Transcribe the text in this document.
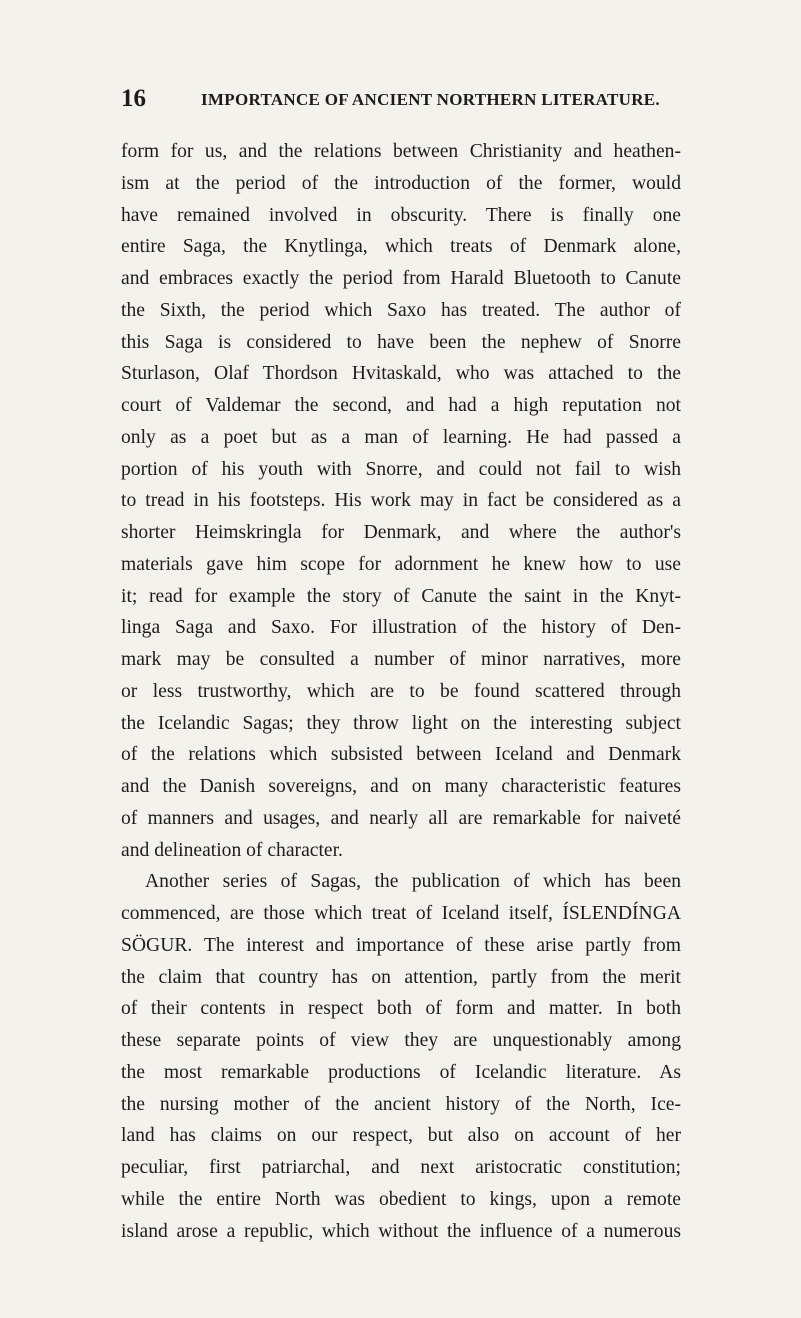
16	IMPORTANCE OF ANCIENT NORTHERN LITERATURE.
form for us, and the relations between Christianity and heathen-
ism at the period of the introduction of the former, would
have remained involved in obscurity. There is finally one
entire Saga, the Knytlinga, which treats of Denmark alone,
and embraces exactly the period from Harald Bluetooth to Canute
the Sixth, the period which Saxo has treated. The author of
this Saga is considered to have been the nephew of Snorre
Sturlason, Olaf Thordson Hvitaskald, who was attached to the
court of Valdemar the second, and had a high reputation not
only as a poet but as a man of learning. He had passed a
portion of his youth with Snorre, and could not fail to wish
to tread in his footsteps. His work may in fact be considered as a
shorter Heimskringla for Denmark, and where the author's
materials gave him scope for adornment he knew how to use
it; read for example the story of Canute the saint in the Knyt-
linga Saga and Saxo. For illustration of the history of Den-
mark may be consulted a number of minor narratives, more
or less trustworthy, which are to be found scattered through
the Icelandic Sagas; they throw light on the interesting subject
of the relations which subsisted between Iceland and Denmark
and the Danish sovereigns, and on many characteristic features
of manners and usages, and nearly all are remarkable for naiveté
and delineation of character.
Another series of Sagas, the publication of which has been
commenced, are those which treat of Iceland itself, ÍSLENDÍNGA
SÖGUR. The interest and importance of these arise partly from
the claim that country has on attention, partly from the merit
of their contents in respect both of form and matter. In both
these separate points of view they are unquestionably among
the most remarkable productions of Icelandic literature. As
the nursing mother of the ancient history of the North, Ice-
land has claims on our respect, but also on account of her
peculiar, first patriarchal, and next aristocratic constitution;
while the entire North was obedient to kings, upon a remote
island arose a republic, which without the influence of a numerous
